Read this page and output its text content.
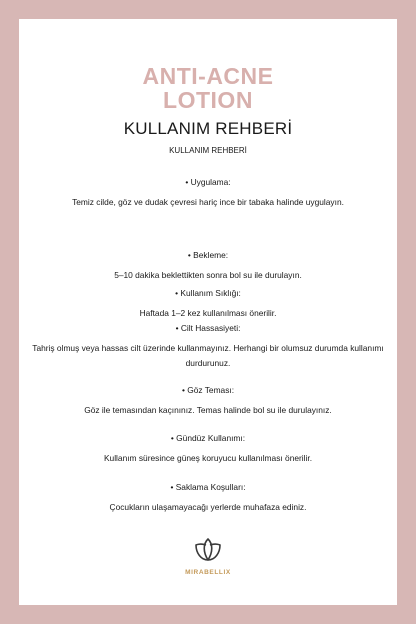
ANTI-ACNE
LOTION
KULLANIM REHBERİ
KULLANIM REHBERİ
• Uygulama:
Temiz cilde, göz ve dudak çevresi hariç ince bir tabaka halinde uygulayın.
• Bekleme:
5–10 dakika beklettikten sonra bol su ile durulayın.
• Kullanım Sıklığı:
Haftada 1–2 kez kullanılması önerilir.
• Cilt Hassasiyeti:
Tahriş olmuş veya hassas cilt üzerinde kullanmayınız. Herhangi bir olumsuz durumda kullanımı durdurunuz.
• Göz Teması:
Göz ile temasından kaçınınız. Temas halinde bol su ile durulayınız.
• Gündüz Kullanımı:
Kullanım süresince güneş koruyucu kullanılması önerilir.
• Saklama Koşulları:
Çocukların ulaşamayacağı yerlerde muhafaza ediniz.
MIRABELLIX
